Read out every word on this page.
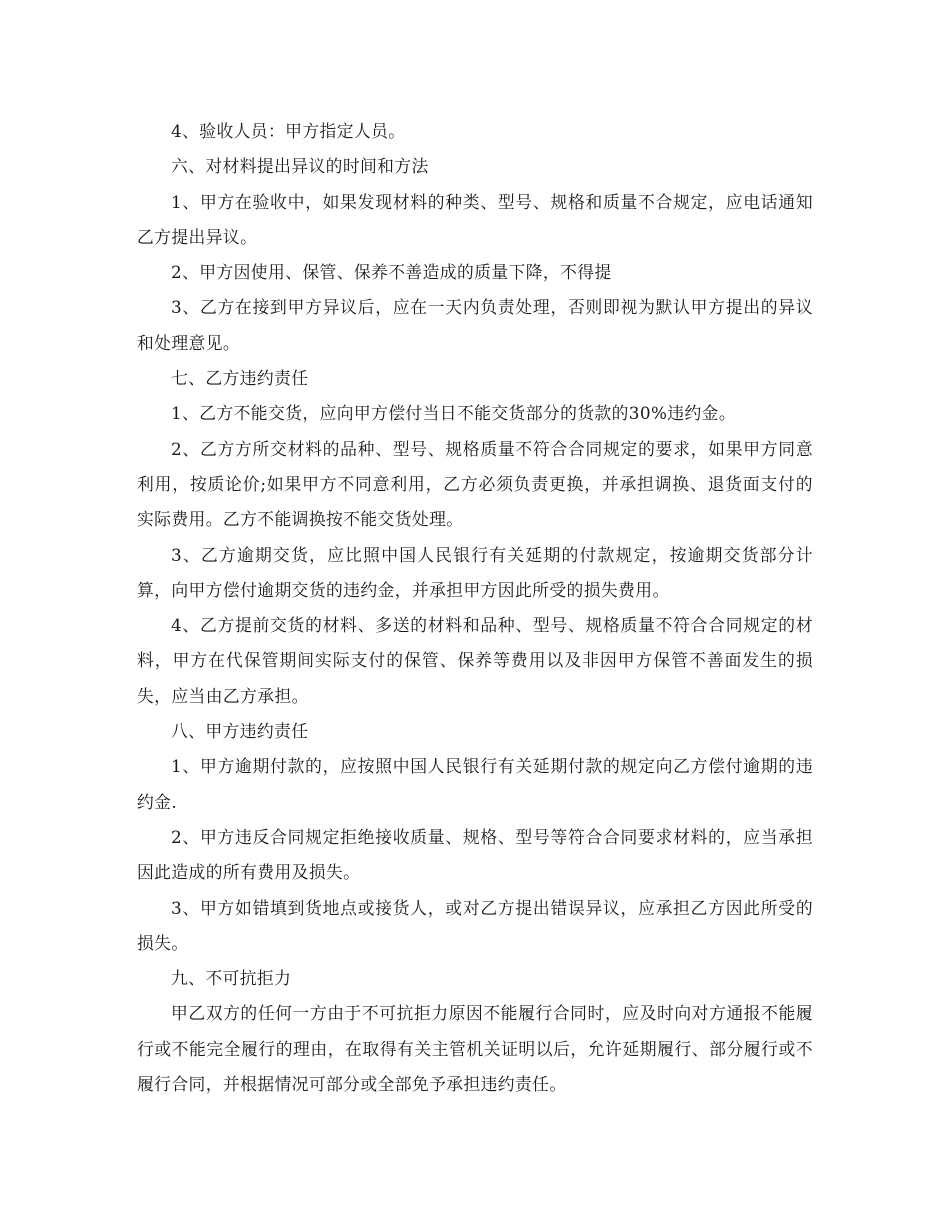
4、验收人员：甲方指定人员。

六、对材料提出异议的时间和方法

1、甲方在验收中，如果发现材料的种类、型号、规格和质量不合规定，应电话通知乙方提出异议。

2、甲方因使用、保管、保养不善造成的质量下降，不得提

3、乙方在接到甲方异议后，应在一天内负责处理，否则即视为默认甲方提出的异议和处理意见。

七、乙方违约责任

1、乙方不能交货，应向甲方偿付当日不能交货部分的货款的30%违约金。

2、乙方方所交材料的品种、型号、规格质量不符合合同规定的要求，如果甲方同意利用，按质论价;如果甲方不同意利用，乙方必须负责更换，并承担调换、退货面支付的实际费用。乙方不能调换按不能交货处理。

3、乙方逾期交货，应比照中国人民银行有关延期的付款规定，按逾期交货部分计算，向甲方偿付逾期交货的违约金，并承担甲方因此所受的损失费用。

4、乙方提前交货的材料、多送的材料和品种、型号、规格质量不符合合同规定的材料，甲方在代保管期间实际支付的保管、保养等费用以及非因甲方保管不善面发生的损失，应当由乙方承担。

八、甲方违约责任

1、甲方逾期付款的，应按照中国人民银行有关延期付款的规定向乙方偿付逾期的违约金.

2、甲方违反合同规定拒绝接收质量、规格、型号等符合合同要求材料的，应当承担因此造成的所有费用及损失。

3、甲方如错填到货地点或接货人，或对乙方提出错误异议，应承担乙方因此所受的损失。

九、不可抗拒力

甲乙双方的任何一方由于不可抗拒力原因不能履行合同时，应及时向对方通报不能履行或不能完全履行的理由，在取得有关主管机关证明以后，允许延期履行、部分履行或不履行合同，并根据情况可部分或全部免予承担违约责任。
